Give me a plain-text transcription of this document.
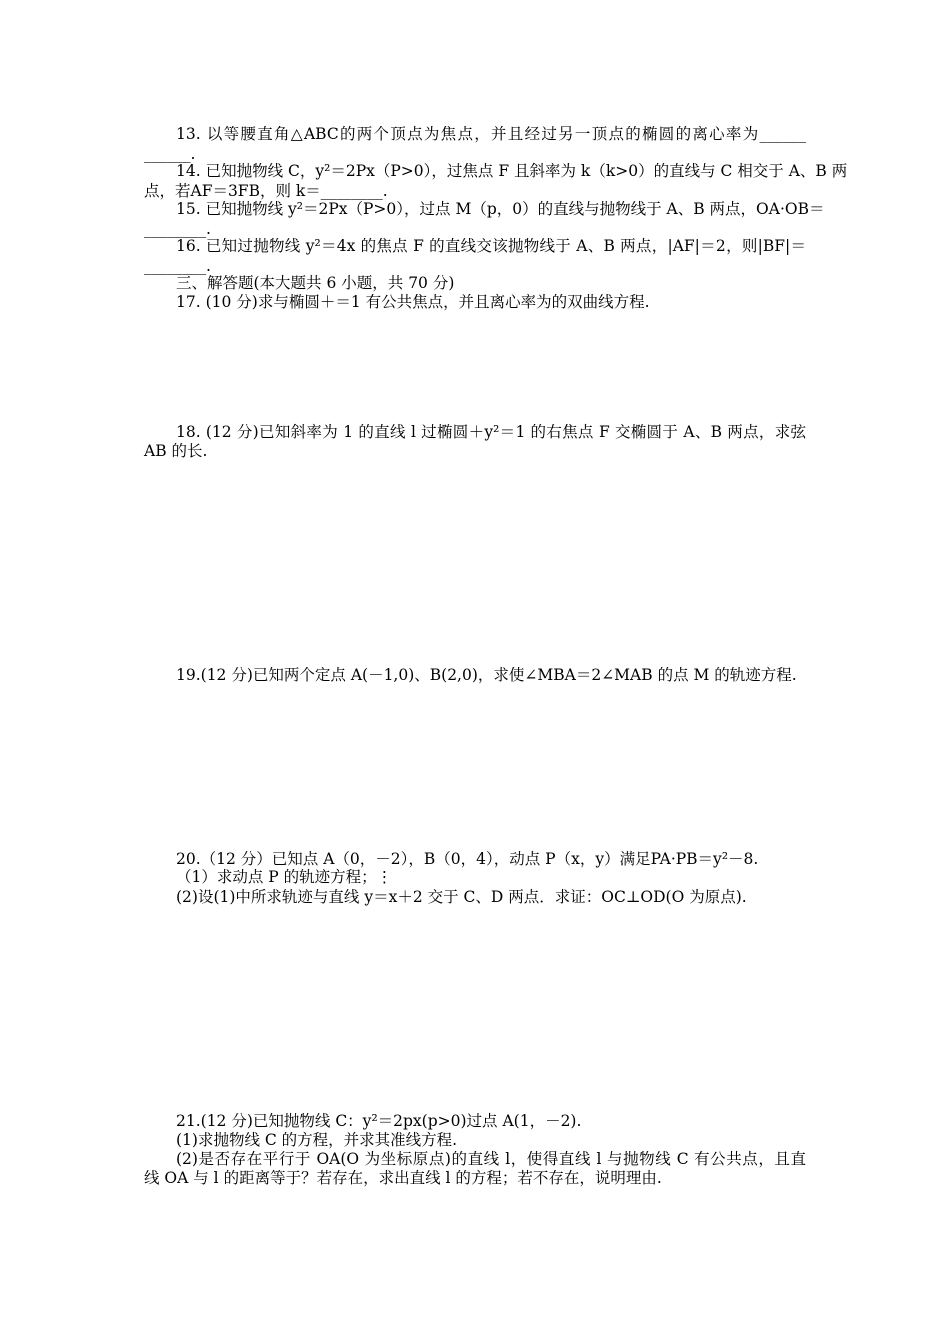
13. 以等腰直角△ABC的两个顶点为焦点，并且经过另一顶点的椭圆的离心率为______
______.
14. 已知抛物线 C，y²＝2Px（P>0），过焦点 F 且斜率为 k（k>0）的直线与 C 相交于 A、B 两
点，若AF＝3FB，则 k＝________.
15. 已知抛物线 y²＝2Px（P>0），过点 M（p，0）的直线与抛物线于 A、B 两点，OA·OB＝
________.
16. 已知过抛物线 y²＝4x 的焦点 F 的直线交该抛物线于 A、B 两点，|AF|＝2，则|BF|＝
________.
三、解答题(本大题共 6 小题，共 70 分)
17. (10 分)求与椭圆＋＝1 有公共焦点，并且离心率为的双曲线方程.
18. (12 分)已知斜率为 1 的直线 l 过椭圆＋y²＝1 的右焦点 F 交椭圆于 A、B 两点，求弦
AB 的长.
19.(12 分)已知两个定点 A(－1,0)、B(2,0)，求使∠MBA＝2∠MAB 的点 M 的轨迹方程.
20.（12 分）已知点 A（0，－2），B（0，4），动点 P（x，y）满足PA·PB＝y²－8.
（1）求动点 P 的轨迹方程；⋮
(2)设(1)中所求轨迹与直线 y＝x＋2 交于 C、D 两点．求证：OC⊥OD(O 为原点).
21.(12 分)已知抛物线 C：y²＝2px(p>0)过点 A(1，－2).
(1)求抛物线 C 的方程，并求其准线方程.
(2)是否存在平行于 OA(O 为坐标原点)的直线 l，使得直线 l 与抛物线 C 有公共点，且直
线 OA 与 l 的距离等于？若存在，求出直线 l 的方程；若不存在，说明理由.
